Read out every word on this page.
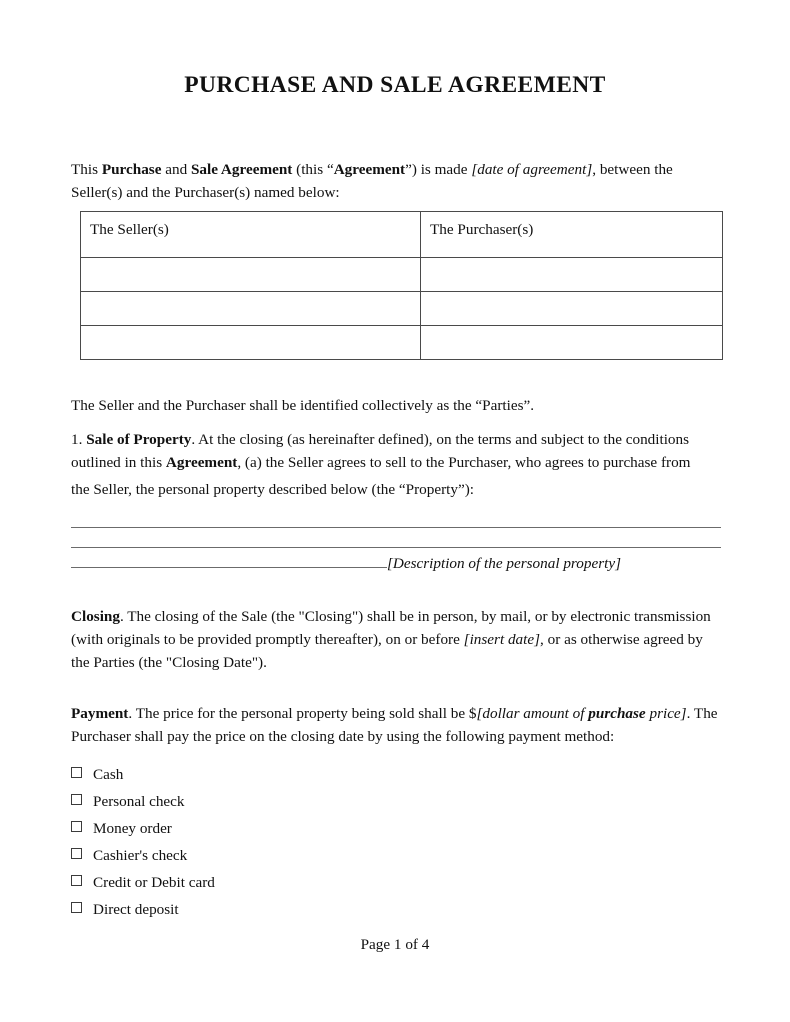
PURCHASE AND SALE AGREEMENT

This Purchase and Sale Agreement (this “Agreement”) is made [date of agreement], between the Seller(s) and the Purchaser(s) named below:

The Seller(s)	The Purchaser(s)

The Seller and the Purchaser shall be identified collectively as the “Parties”.

1. Sale of Property. At the closing (as hereinafter defined), on the terms and subject to the conditions outlined in this Agreement, (a) the Seller agrees to sell to the Purchaser, who agrees to purchase from

the Seller, the personal property described below (the “Property”):

[Description of the personal property]

Closing. The closing of the Sale (the "Closing") shall be in person, by mail, or by electronic transmission (with originals to be provided promptly thereafter), on or before [insert date], or as otherwise agreed by the Parties (the "Closing Date").

Payment. The price for the personal property being sold shall be $[dollar amount of purchase price]. The Purchaser shall pay the price on the closing date by using the following payment method:

Cash
Personal check
Money order
Cashier's check
Credit or Debit card
Direct deposit
Page 1 of 4
